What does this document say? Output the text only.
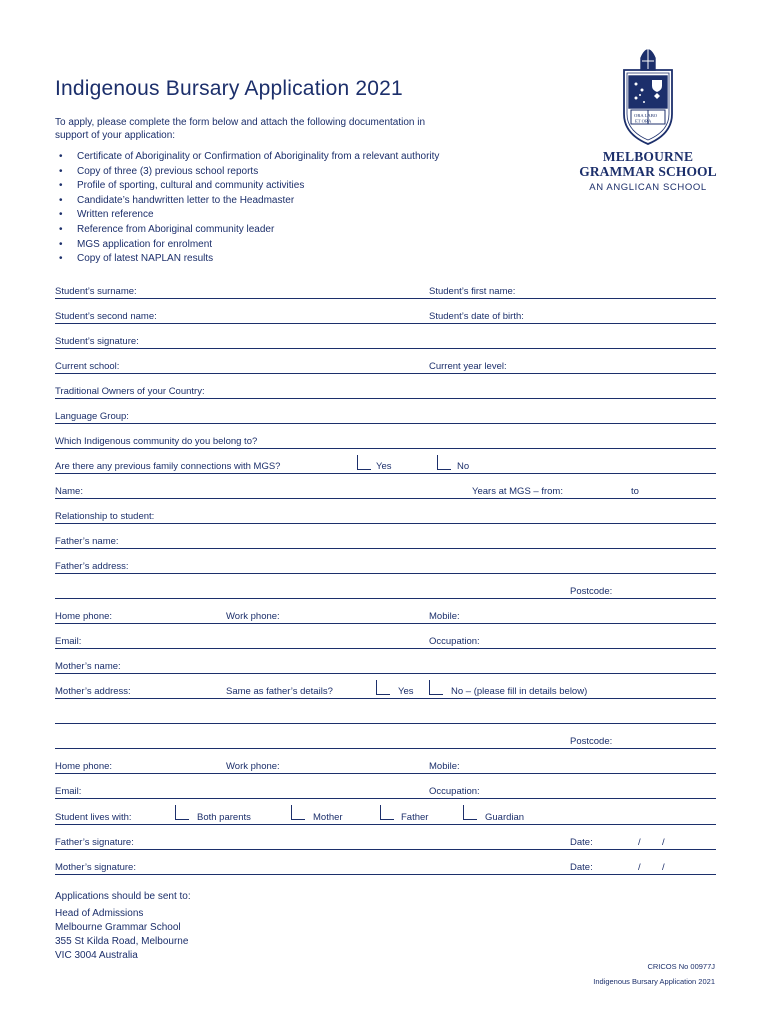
Indigenous Bursary Application 2021
To apply, please complete the form below and attach the following documentation in support of your application:
• Certificate of Aboriginality or Confirmation of Aboriginality from a relevant authority
• Copy of three (3) previous school reports
• Profile of sporting, cultural and community activities
• Candidate’s handwritten letter to the Headmaster
• Written reference
• Reference from Aboriginal community leader
• MGS application for enrolment
• Copy of latest NAPLAN results
ORA LABO
ET ORA
MELBOURNE
GRAMMAR SCHOOL
AN ANGLICAN SCHOOL
Student’s surname:	Student’s first name:
Student’s second name:	Student’s date of birth:
Student’s signature:
Current school:	Current year level:
Traditional Owners of your Country:
Language Group:
Which Indigenous community do you belong to?
Are there any previous family connections with MGS?	Yes	No
Name:	Years at MGS – from:	to
Relationship to student:
Father’s name:
Father’s address:
Postcode:
Home phone:	Work phone:	Mobile:
Email:	Occupation:
Mother’s name:
Mother’s address:	Same as father’s details?	Yes	No – (please fill in details below)
Postcode:
Home phone:	Work phone:	Mobile:
Email:	Occupation:
Student lives with:	Both parents	Mother	Father	Guardian
Father’s signature:	Date:	/ /
Mother’s signature:	Date:	/ /
Applications should be sent to:
Head of Admissions
Melbourne Grammar School
355 St Kilda Road, Melbourne
VIC 3004 Australia
CRICOS No 00977J
Indigenous Bursary Application 2021
